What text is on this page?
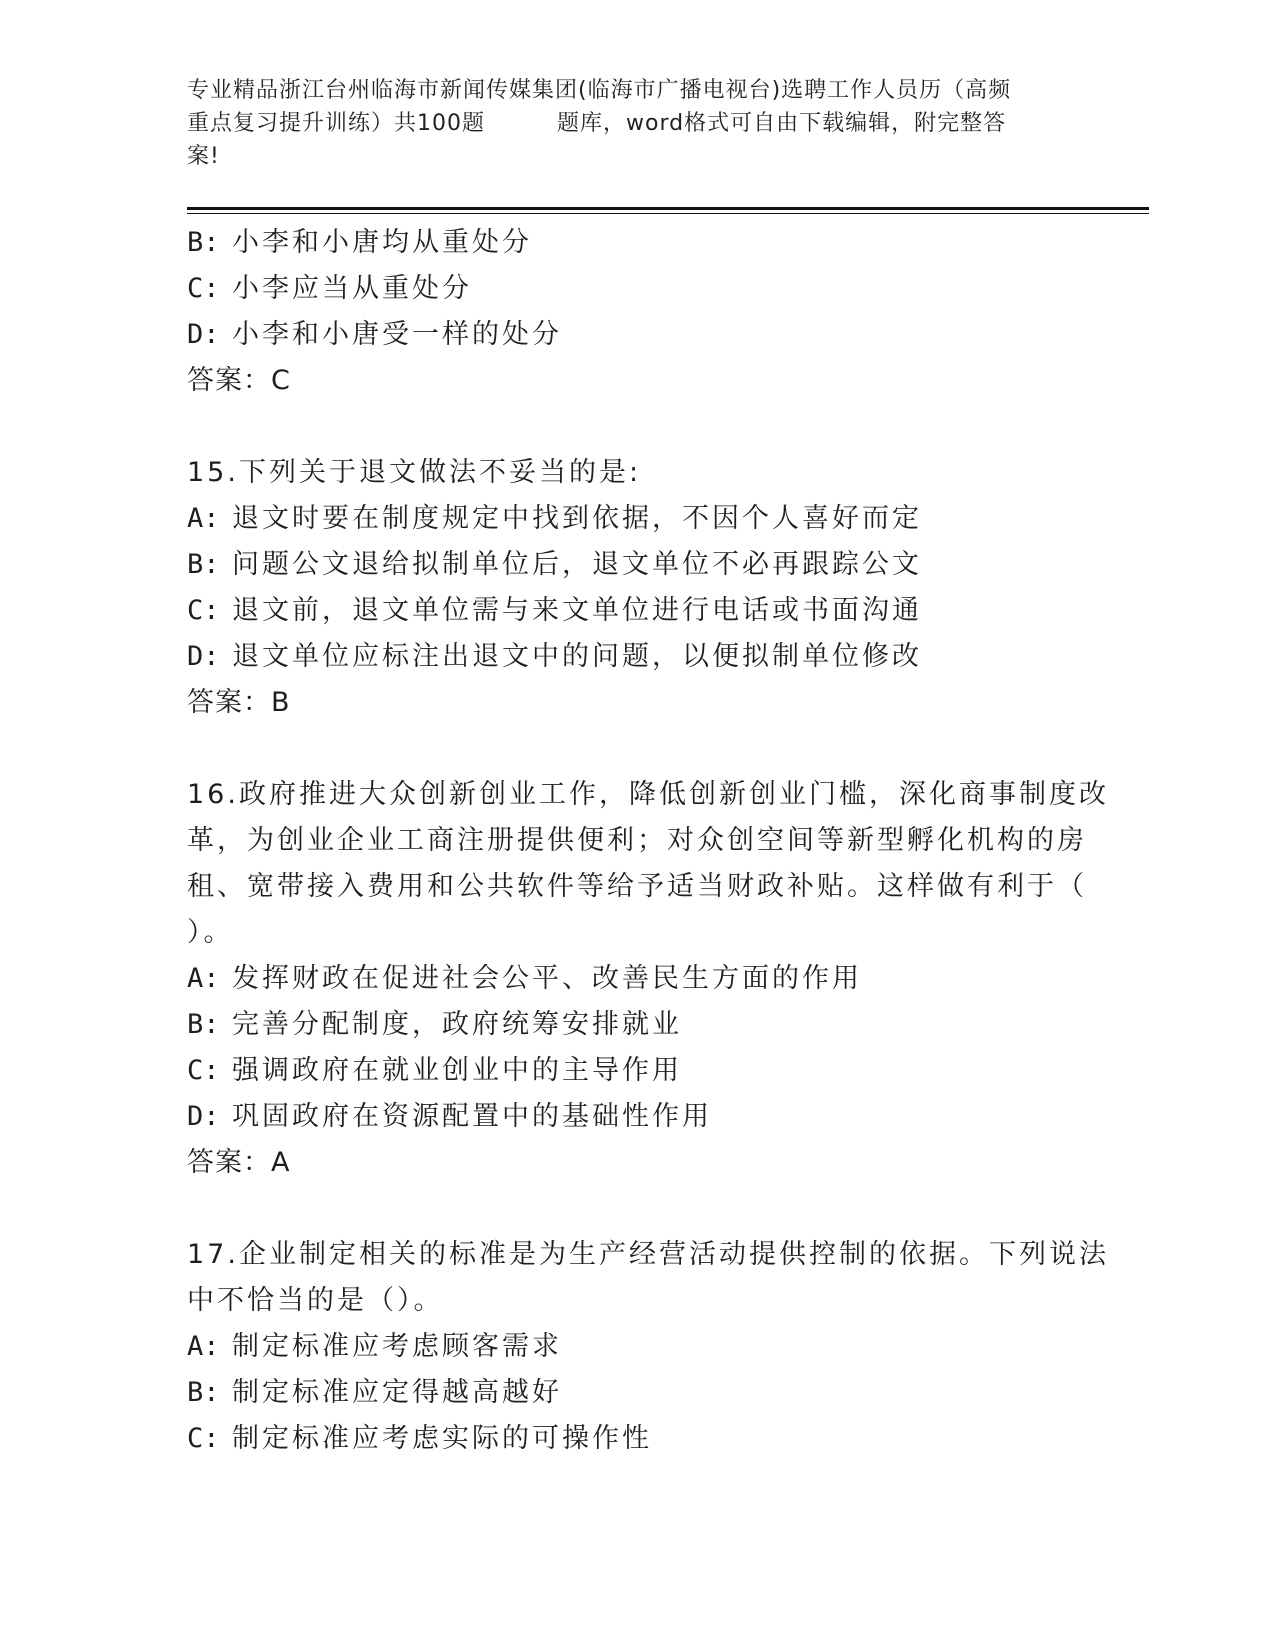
专业精品浙江台州临海市新闻传媒集团(临海市广播电视台)选聘工作人员历（高频
重点复习提升训练）共100题	题库，word格式可自由下载编辑，附完整答
案!
B: 小李和小唐均从重处分
C: 小李应当从重处分
D: 小李和小唐受一样的处分
答案：C
15.下列关于退文做法不妥当的是:
A: 退文时要在制度规定中找到依据，不因个人喜好而定
B: 问题公文退给拟制单位后，退文单位不必再跟踪公文
C: 退文前，退文单位需与来文单位进行电话或书面沟通
D: 退文单位应标注出退文中的问题，以便拟制单位修改
答案：B
16.政府推进大众创新创业工作，降低创新创业门槛，深化商事制度改
革，为创业企业工商注册提供便利；对众创空间等新型孵化机构的房
租、宽带接入费用和公共软件等给予适当财政补贴。这样做有利于（
）。
A: 发挥财政在促进社会公平、改善民生方面的作用
B: 完善分配制度，政府统筹安排就业
C: 强调政府在就业创业中的主导作用
D: 巩固政府在资源配置中的基础性作用
答案：A
17.企业制定相关的标准是为生产经营活动提供控制的依据。下列说法
中不恰当的是（）。
A: 制定标准应考虑顾客需求
B: 制定标准应定得越高越好
C: 制定标准应考虑实际的可操作性
